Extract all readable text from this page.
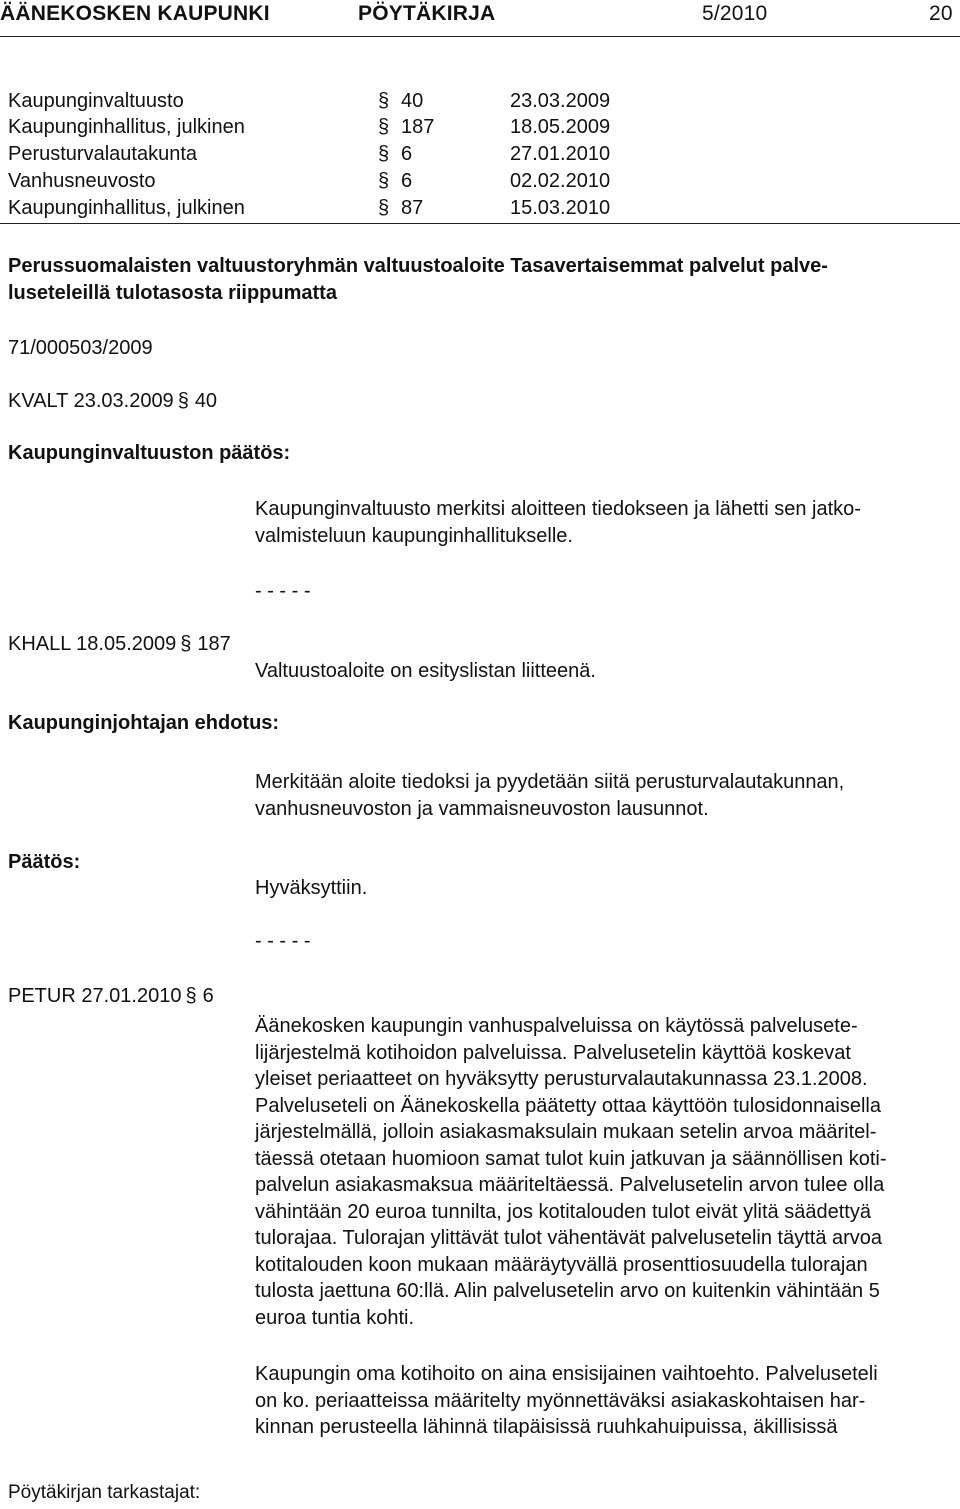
ÄÄNEKOSKEN KAUPUNKI	PÖYTÄKIRJA	5/2010	20
Kaupunginvaltuusto	§ 40	23.03.2009
Kaupunginhallitus, julkinen	§ 187	18.05.2009
Perusturvalautakunta	§ 6	27.01.2010
Vanhusneuvosto	§ 6	02.02.2010
Kaupunginhallitus, julkinen	§ 87	15.03.2010
Perussuomalaisten valtuustoryhmän valtuustoaloite Tasavertaisemmat palvelut palve-
luseteleillä tulotasosta riippumatta
71/000503/2009
KVALT 23.03.2009 § 40
Kaupunginvaltuuston päätös:
Kaupunginvaltuusto merkitsi aloitteen tiedokseen ja lähetti sen jatko-
valmisteluun kaupunginhallitukselle.
- - - - -
KHALL 18.05.2009 § 187
Valtuustoaloite on esityslistan liitteenä.
Kaupunginjohtajan ehdotus:
Merkitään aloite tiedoksi ja pyydetään siitä perusturvalautakunnan,
vanhusneuvoston ja vammaisneuvoston lausunnot.
Päätös:
Hyväksyttiin.
- - - - -
PETUR 27.01.2010 § 6
Äänekosken kaupungin vanhuspalveluissa on käytössä palvelusete-
lijärjestelmä kotihoidon palveluissa. Palvelusetelin käyttöä koskevat
yleiset periaatteet on hyväksytty perusturvalautakunnassa 23.1.2008.
Palveluseteli on Äänekoskella päätetty ottaa käyttöön tulosidonnaisella
järjestelmällä, jolloin asiakasmaksulain mukaan setelin arvoa määritel-
täessä otetaan huomioon samat tulot kuin jatkuvan ja säännöllisen koti-
palvelun asiakasmaksua määriteltäessä. Palvelusetelin arvon tulee olla
vähintään 20 euroa tunnilta, jos kotitalouden tulot eivät ylitä säädettyä
tulorajaa. Tulorajan ylittävät tulot vähentävät palvelusetelin täyttä arvoa
kotitalouden koon mukaan määräytyvällä prosenttiosuudella tulorajan
tulosta jaettuna 60:llä. Alin palvelusetelin arvo on kuitenkin vähintään 5
euroa tuntia kohti.
Kaupungin oma kotihoito on aina ensisijainen vaihtoehto. Palveluseteli
on ko. periaatteissa määritelty myönnettäväksi asiakaskohtaisen har-
kinnan perusteella lähinnä tilapäisissä ruuhkahuipuissa, äkillisissä
Pöytäkirjan tarkastajat:
